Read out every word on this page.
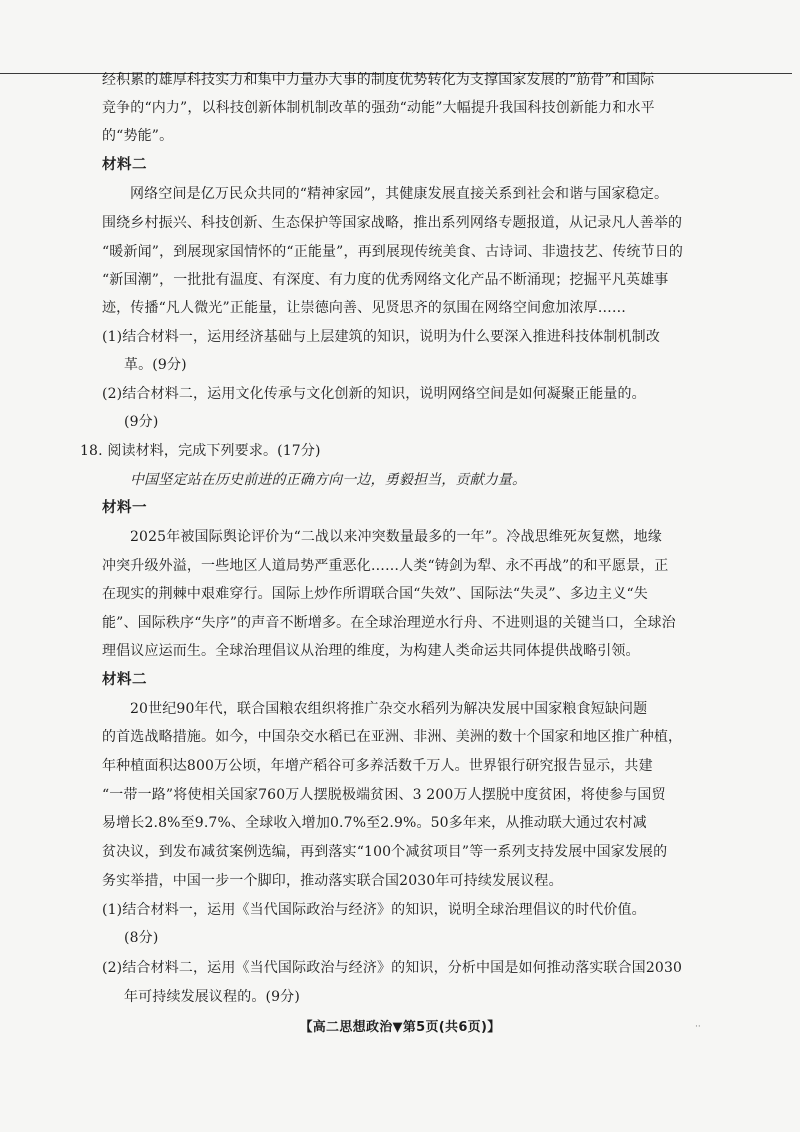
经积累的雄厚科技实力和集中力量办大事的制度优势转化为支撑国家发展的“筋骨”和国际
竞争的“内力”，以科技创新体制机制改革的强劲“动能”大幅提升我国科技创新能力和水平
的“势能”。
材料二
网络空间是亿万民众共同的“精神家园”，其健康发展直接关系到社会和谐与国家稳定。
围绕乡村振兴、科技创新、生态保护等国家战略，推出系列网络专题报道，从记录凡人善举的
“暖新闻”，到展现家国情怀的“正能量”，再到展现传统美食、古诗词、非遗技艺、传统节日的
“新国潮”，一批批有温度、有深度、有力度的优秀网络文化产品不断涌现；挖掘平凡英雄事
迹，传播“凡人微光”正能量，让崇德向善、见贤思齐的氛围在网络空间愈加浓厚……
(1)结合材料一，运用经济基础与上层建筑的知识，说明为什么要深入推进科技体制机制改
革。(9分)
(2)结合材料二，运用文化传承与文化创新的知识，说明网络空间是如何凝聚正能量的。
(9分)
18. 阅读材料，完成下列要求。(17分)
中国坚定站在历史前进的正确方向一边，勇毅担当，贡献力量。
材料一
2025年被国际舆论评价为“二战以来冲突数量最多的一年”。冷战思维死灰复燃，地缘
冲突升级外溢，一些地区人道局势严重恶化……人类“铸剑为犁、永不再战”的和平愿景，正
在现实的荆棘中艰难穿行。国际上炒作所谓联合国“失效”、国际法“失灵”、多边主义“失
能”、国际秩序“失序”的声音不断增多。在全球治理逆水行舟、不进则退的关键当口，全球治
理倡议应运而生。全球治理倡议从治理的维度，为构建人类命运共同体提供战略引领。
材料二
20世纪90年代，联合国粮农组织将推广杂交水稻列为解决发展中国家粮食短缺问题
的首选战略措施。如今，中国杂交水稻已在亚洲、非洲、美洲的数十个国家和地区推广种植，
年种植面积达800万公顷，年增产稻谷可多养活数千万人。世界银行研究报告显示，共建
“一带一路”将使相关国家760万人摆脱极端贫困、3 200万人摆脱中度贫困，将使参与国贸
易增长2.8%至9.7%、全球收入增加0.7%至2.9%。50多年来，从推动联大通过农村减
贫决议，到发布减贫案例选编，再到落实“100个减贫项目”等一系列支持发展中国家发展的
务实举措，中国一步一个脚印，推动落实联合国2030年可持续发展议程。
(1)结合材料一，运用《当代国际政治与经济》的知识，说明全球治理倡议的时代价值。
(8分)
(2)结合材料二，运用《当代国际政治与经济》的知识，分析中国是如何推动落实联合国2030
年可持续发展议程的。(9分)
【高二思想政治▼第5页(共6页)】	··
